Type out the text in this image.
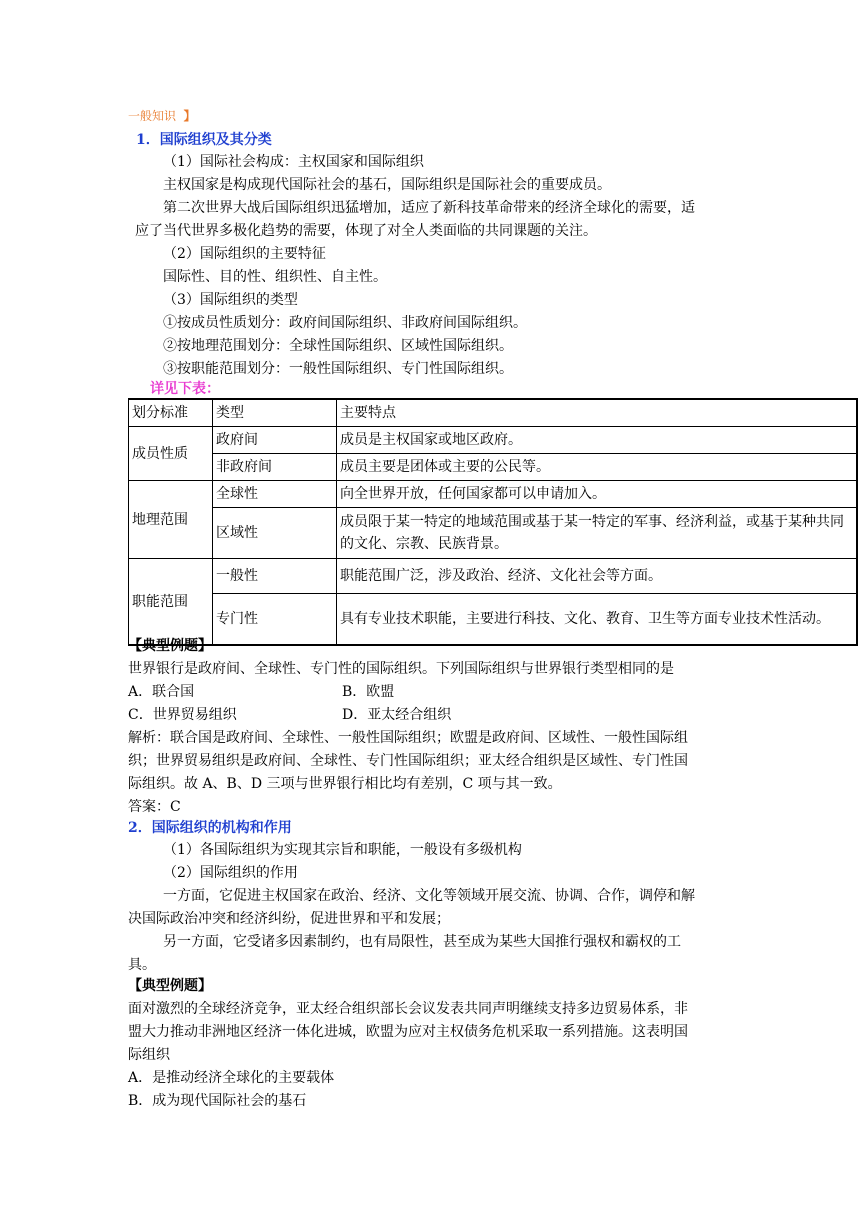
一般知识 】
1．国际组织及其分类
（1）国际社会构成：主权国家和国际组织
主权国家是构成现代国际社会的基石，国际组织是国际社会的重要成员。
第二次世界大战后国际组织迅猛增加，适应了新科技革命带来的经济全球化的需要，适
应了当代世界多极化趋势的需要，体现了对全人类面临的共同课题的关注。
（2）国际组织的主要特征
国际性、目的性、组织性、自主性。
（3）国际组织的类型
①按成员性质划分：政府间国际组织、非政府间国际组织。
②按地理范围划分：全球性国际组织、区域性国际组织。
③按职能范围划分：一般性国际组织、专门性国际组织。
详见下表：
划分标准	类型	主要特点
成员性质	政府间	成员是主权国家或地区政府。
	非政府间	成员主要是团体或主要的公民等。
地理范围	全球性	向全世界开放，任何国家都可以申请加入。
	区域性	成员限于某一特定的地域范围或基于某一特定的军事、经济利益，或基于某种共同的文化、宗教、民族背景。
职能范围	一般性	职能范围广泛，涉及政治、经济、文化社会等方面。
	专门性	具有专业技术职能，主要进行科技、文化、教育、卫生等方面专业技术性活动。
【典型例题】
世界银行是政府间、全球性、专门性的国际组织。下列国际组织与世界银行类型相同的是
A．联合国	B．欧盟
C．世界贸易组织	D．亚太经合组织
解析：联合国是政府间、全球性、一般性国际组织；欧盟是政府间、区域性、一般性国际组
织；世界贸易组织是政府间、全球性、专门性国际组织；亚太经合组织是区域性、专门性国
际组织。故 A、B、D 三项与世界银行相比均有差别，C 项与其一致。
答案：C
2．国际组织的机构和作用
（1）各国际组织为实现其宗旨和职能，一般设有多级机构
（2）国际组织的作用
一方面，它促进主权国家在政治、经济、文化等领域开展交流、协调、合作，调停和解
决国际政治冲突和经济纠纷，促进世界和平和发展；
另一方面，它受诸多因素制约，也有局限性，甚至成为某些大国推行强权和霸权的工
具。
【典型例题】
面对激烈的全球经济竞争，亚太经合组织部长会议发表共同声明继续支持多边贸易体系，非
盟大力推动非洲地区经济一体化进城，欧盟为应对主权债务危机采取一系列措施。这表明国
际组织
A．是推动经济全球化的主要载体
B．成为现代国际社会的基石
